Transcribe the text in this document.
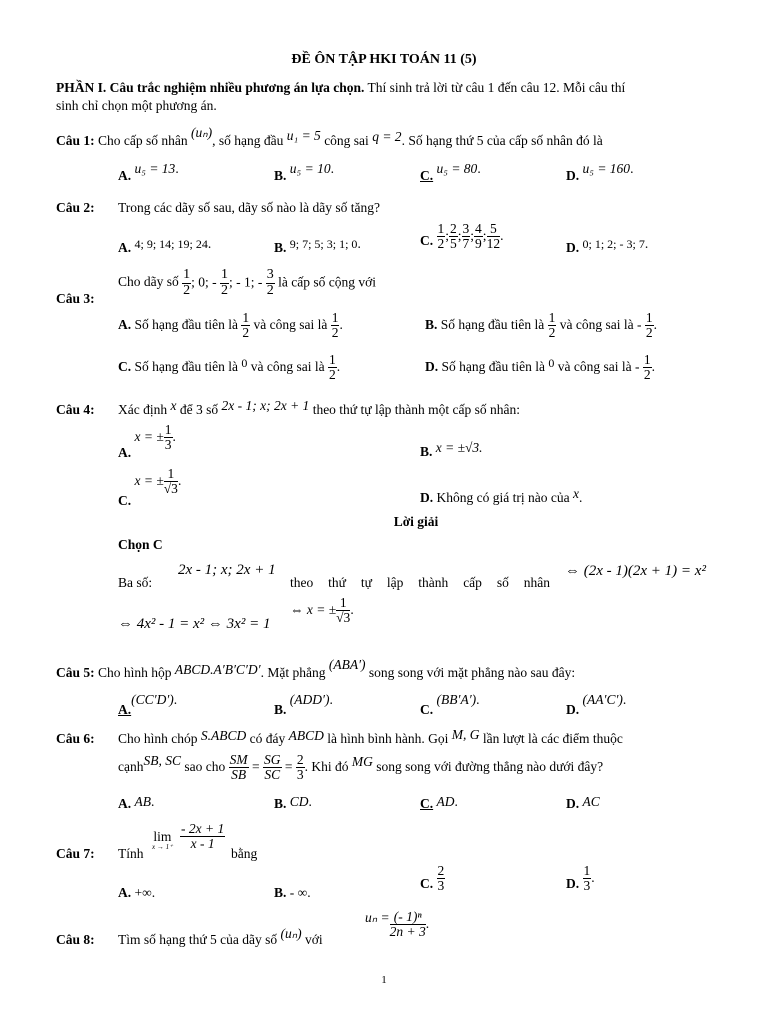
ĐỀ ÔN TẬP HKI TOÁN 11 (5)
PHẦN I. Câu trắc nghiệm nhiều phương án lựa chọn. Thí sinh trả lời từ câu 1 đến câu 12. Mỗi câu thí
sinh chỉ chọn một phương án.
Câu 1: Cho cấp số nhân (uₙ), số hạng đầu u₁ = 5 công sai q = 2. Số hạng thứ 5 của cấp số nhân đó là
A. u₅ = 13.	B. u₅ = 10.	C. u₅ = 80.	D. u₅ = 160.
Câu 2: Trong các dãy số sau, dãy số nào là dãy số tăng?
A. 4; 9; 14; 19; 24.	B. 9; 7; 5; 3; 1; 0.	C. $\frac{1}{2}$ ; $\frac{2}{5}$ ; $\frac{3}{7}$ ; $\frac{4}{9}$ ; $\frac{5}{12}$ .
D. 0; 1; 2; - 3; 7.
Câu 3:
Cho dãy số $\frac{1}{2}$ ; 0; - $\frac{1}{2}$ ; - 1; - $\frac{3}{2}$ là cấp số cộng với
A. Số hạng đầu tiên là $\frac{1}{2}$ và công sai là $\frac{1}{2}$ .	B. Số hạng đầu tiên là $\frac{1}{2}$ và công sai là - $\frac{1}{2}$ .
C. Số hạng đầu tiên là 0 và công sai là $\frac{1}{2}$ .	D. Số hạng đầu tiên là 0 và công sai là - $\frac{1}{2}$ .
Câu 4: Xác định x để 3 số 2x - 1; x; 2x + 1 theo thứ tự lập thành một cấp số nhân:
A. x = ± $\frac{1}{3}$ .
B. x = ±√3.
C. x = ± $\frac{1}{√3}$ .
D. Không có giá trị nào của x.
Lời giải
Chọn C
Ba số:
2x - 1; x; 2x + 1
theo thứ tự lập thành cấp số nhân
⇔ (2x - 1)(2x + 1) = x²
⇔ 4x² - 1 = x² ⇔ 3x² = 1
⇔ x = ± $\frac{1}{√3}$ .
Câu 5: Cho hình hộp ABCD.A′B′C′D′. Mặt phẳng (ABA′) song song với mặt phẳng nào sau đây:
A.(CC′D′).
B. (ADD′).
C. (BB′A′).
D. (AA′C′).
Câu 6: Cho hình chóp S.ABCD có đáy ABCD là hình bình hành. Gọi M, G lần lượt là các điểm thuộc
cạnhSB, SC sao cho $\frac{SM}{SB} = \frac{SG}{SC} = \frac{2}{3}$ . Khi đó MG song song với đường thẳng nào dưới đây?
A. AB.	B. CD.	C. AD.	D. AC
Câu 7: Tính
lim
$x \to 1^+ \frac{- 2x + 1}{x - 1}$
bằng
A. +∞.	B. - ∞.
C. $\frac{2}{3}$	D. $\frac{1}{3}$ .
Câu 8: Tìm số hạng thứ 5 của dãy số (uₙ) với
$u_n = \frac{\text{(- 1)ⁿ}}{2n + 3}$ .
1
